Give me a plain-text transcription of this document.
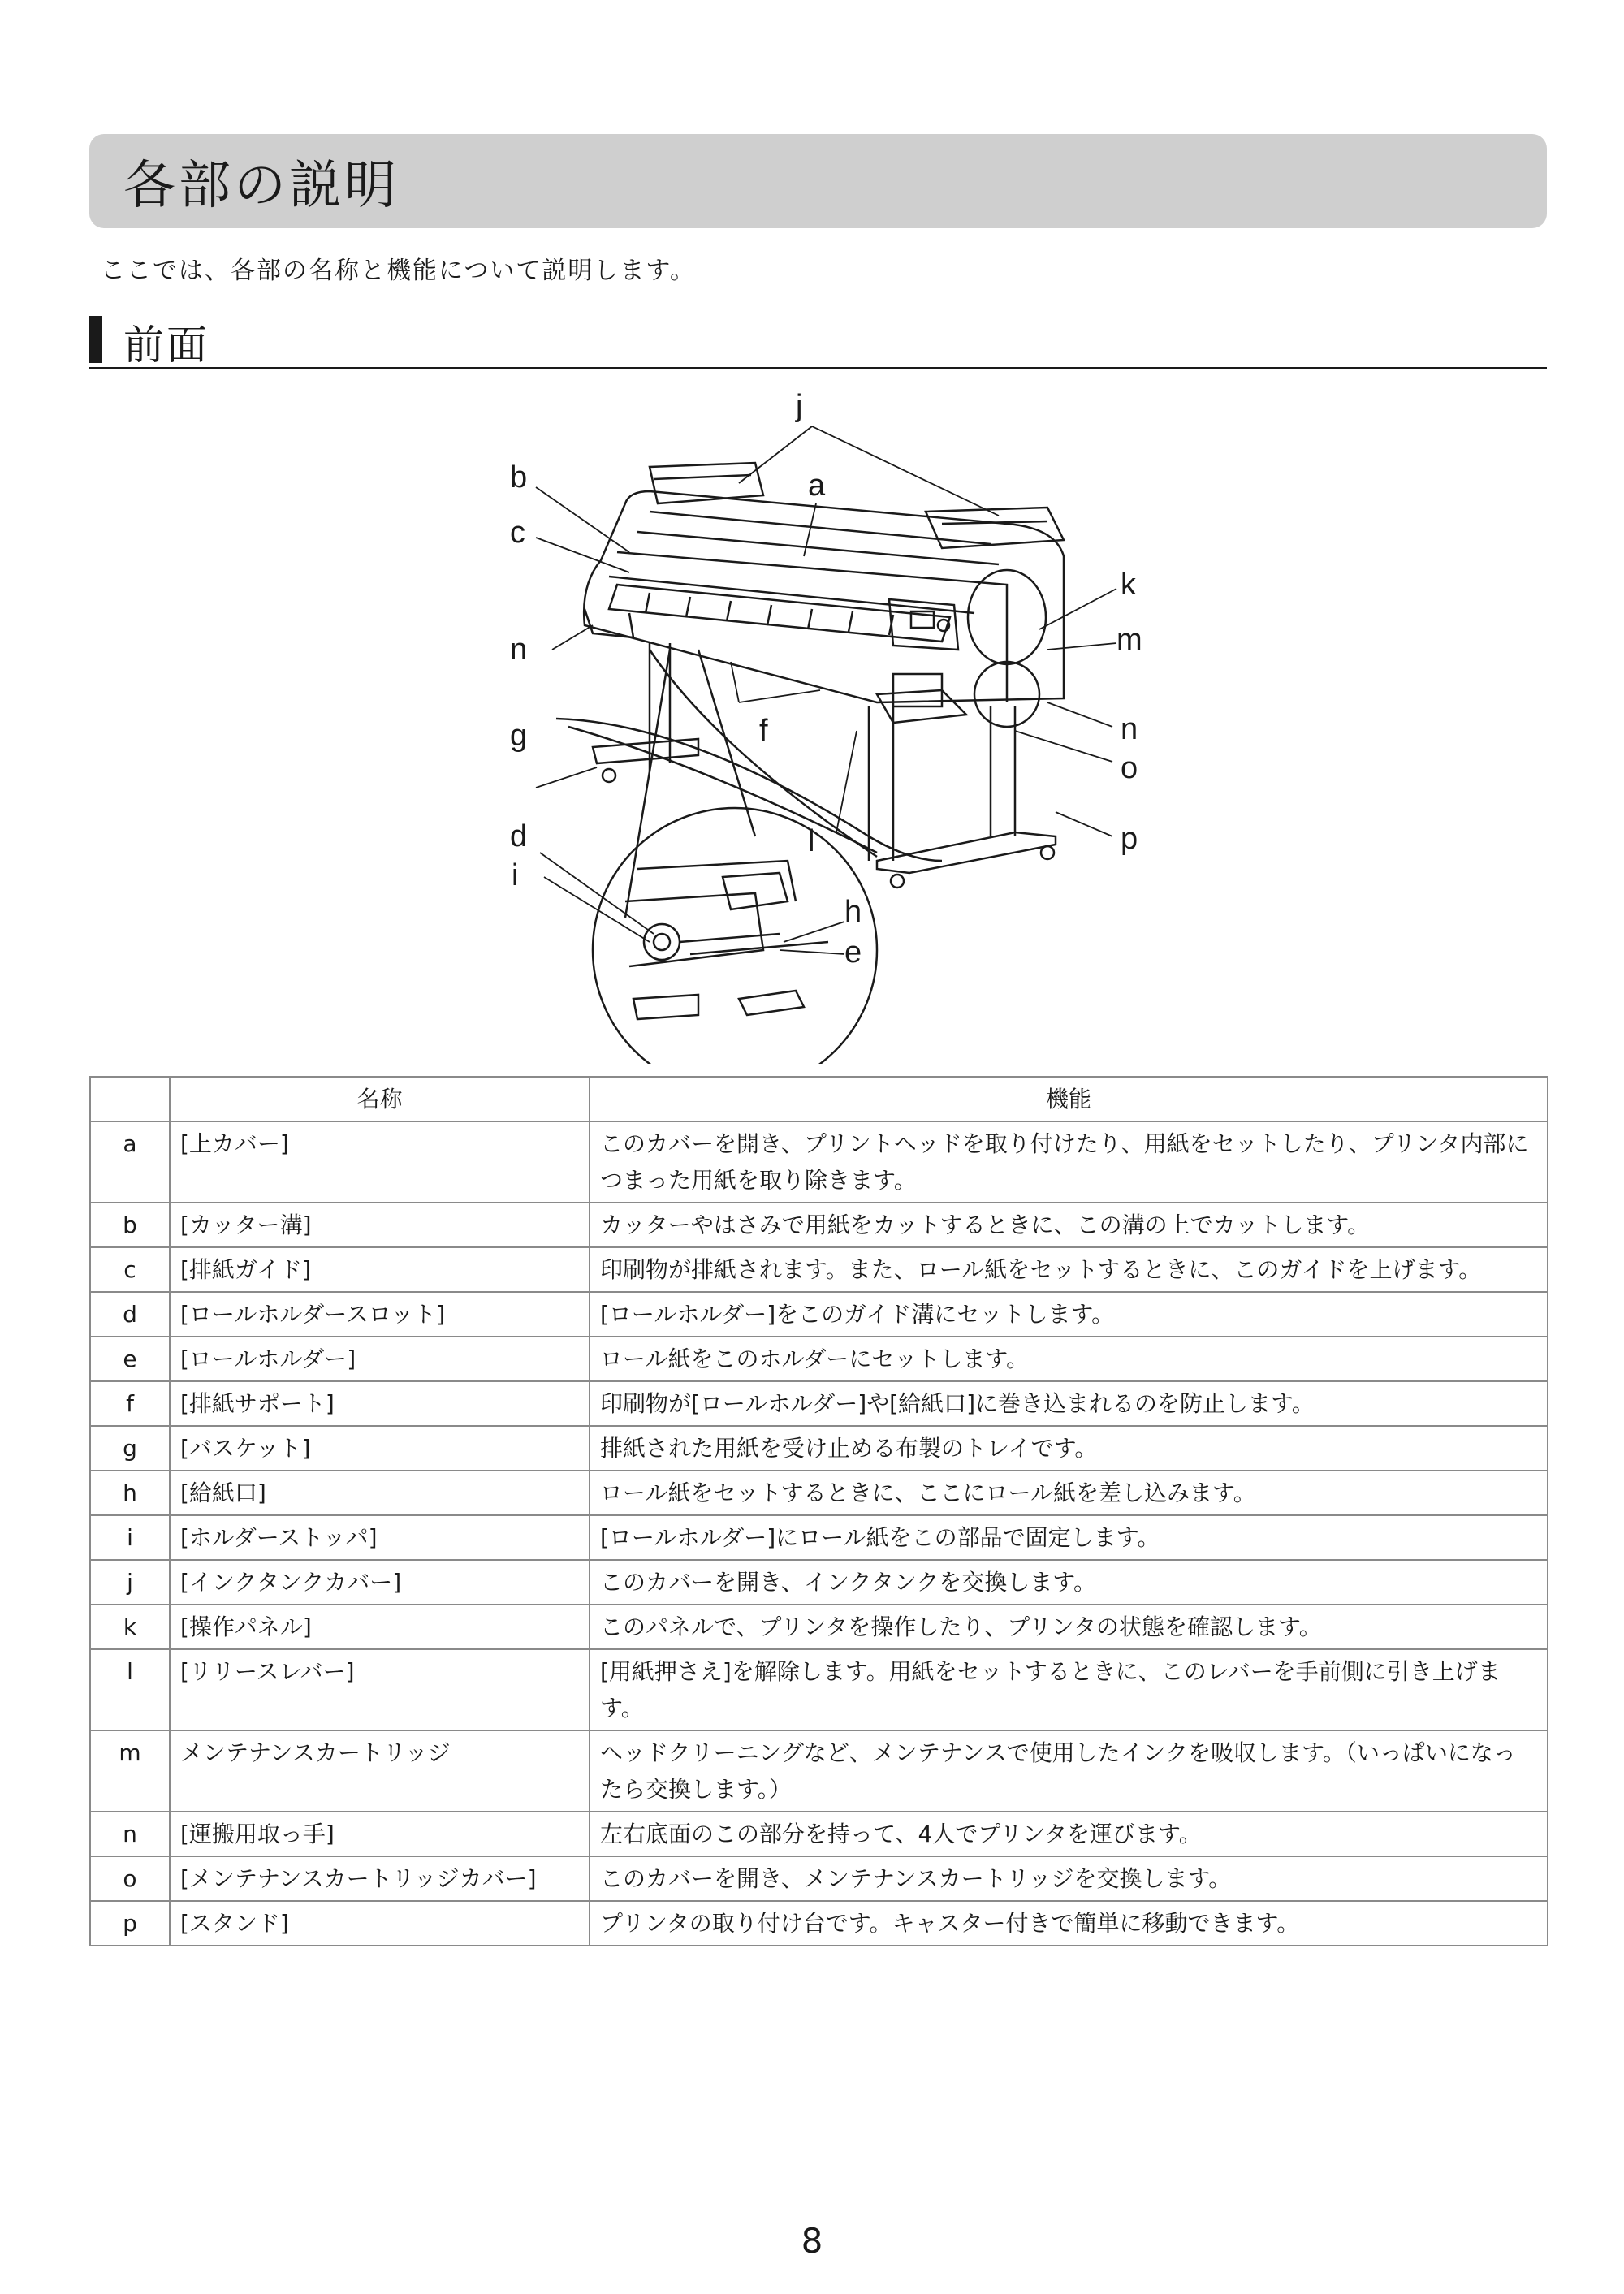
各部の説明
ここでは、各部の名称と機能について説明します。
前面
j
a
b
c
k
n	m
f
g	n
o
d	l	p
i
h
e
	名称	機能
a	[上カバー]	このカバーを開き、プリントヘッドを取り付けたり、用紙をセットしたり、プリンタ内部につまった用紙を取り除きます。
b	[カッター溝]	カッターやはさみで用紙をカットするときに、この溝の上でカットします。
c	[排紙ガイド]	印刷物が排紙されます。また、ロール紙をセットするときに、このガイドを上げます。
d	[ロールホルダースロット]	[ロールホルダー]をこのガイド溝にセットします。
e	[ロールホルダー]	ロール紙をこのホルダーにセットします。
f	[排紙サポート]	印刷物が[ロールホルダー]や[給紙口]に巻き込まれるのを防止します。
g	[バスケット]	排紙された用紙を受け止める布製のトレイです。
h	[給紙口]	ロール紙をセットするときに、ここにロール紙を差し込みます。
i	[ホルダーストッパ]	[ロールホルダー]にロール紙をこの部品で固定します。
j	[インクタンクカバー]	このカバーを開き、インクタンクを交換します。
k	[操作パネル]	このパネルで、プリンタを操作したり、プリンタの状態を確認します。
l	[リリースレバー]	[用紙押さえ]を解除します。用紙をセットするときに、このレバーを手前側に引き上げます。
m	メンテナンスカートリッジ	ヘッドクリーニングなど、メンテナンスで使用したインクを吸収します。（いっぱいになったら交換します。）
n	[運搬用取っ手]	左右底面のこの部分を持って、4人でプリンタを運びます。
o	[メンテナンスカートリッジカバー]	このカバーを開き、メンテナンスカートリッジを交換します。
p	[スタンド]	プリンタの取り付け台です。キャスター付きで簡単に移動できます。
8
